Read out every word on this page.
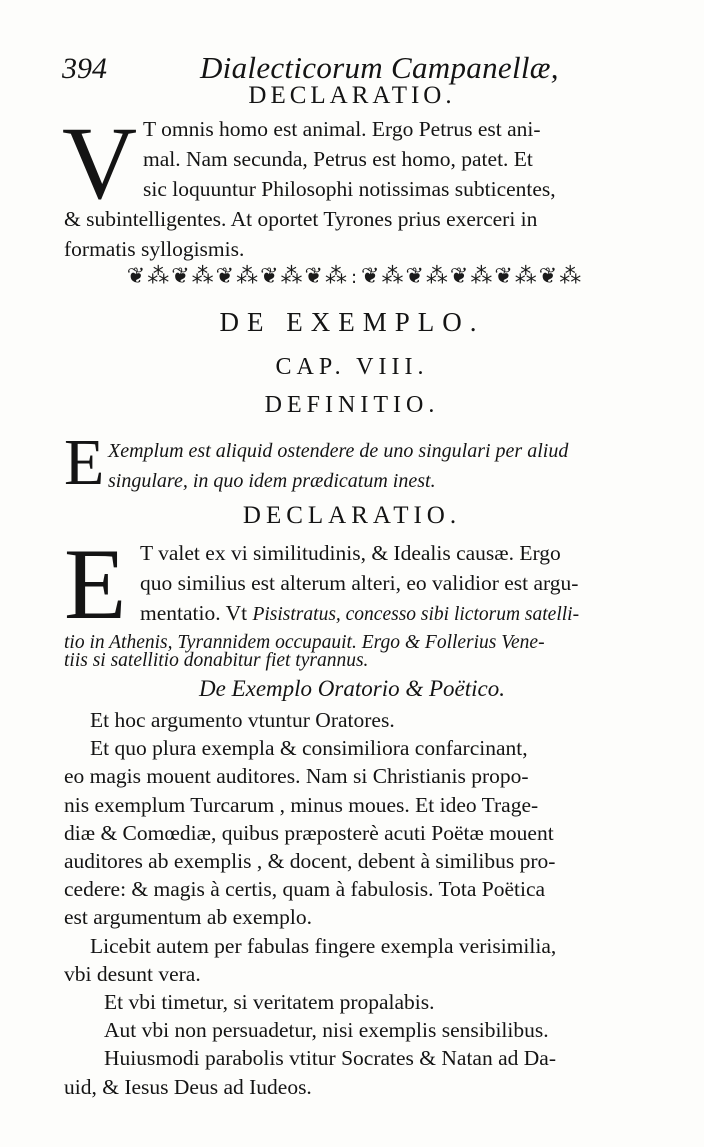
394	Dialecticorum Campanellæ,
DECLARATIO.
V T omnis homo est animal. Ergo Petrus est ani-
mal. Nam secunda, Petrus est homo, patet. Et
sic loquuntur Philosophi notissimas subticentes,
& subintelligentes. At oportet Tyrones prius exerceri in
formatis syllogismis.
❦⁂❦⁂❦⁂❦⁂❦⁂ :❦⁂❦⁂❦⁂❦⁂❦⁂
DE EXEMPLO.
CAP. VIII.
DEFINITIO.
E Xemplum est aliquid ostendere de uno singulari per aliud
singulare, in quo idem prædicatum inest.
DECLARATIO.
E T valet ex vi similitudinis, & Idealis causæ. Ergo
quo similius est alterum alteri, eo validior est argu-
mentatio. Vt Pisistratus, concesso sibi lictorum satelli-
tio in Athenis, Tyrannidem occupauit. Ergo & Follerius Vene-
tiis si satellitio donabitur fiet tyrannus.
De Exemplo Oratorio & Poëtico.
Et hoc argumento vtuntur Oratores.
Et quo plura exempla & consimiliora confarcinant,
eo magis mouent auditores. Nam si Christianis propo-
nis exemplum Turcarum , minus moues. Et ideo Trage-
diæ & Comœdiæ, quibus præposterè acuti Poëtæ mouent
auditores ab exemplis , & docent, debent à similibus pro-
cedere: & magis à certis, quam à fabulosis. Tota Poëtica
est argumentum ab exemplo.
Licebit autem per fabulas fingere exempla verisimilia,
vbi desunt vera.
Et vbi timetur, si veritatem propalabis.
Aut vbi non persuadetur, nisi exemplis sensibilibus.
Huiusmodi parabolis vtitur Socrates & Natan ad Da-
uid, & Iesus Deus ad Iudeos.
